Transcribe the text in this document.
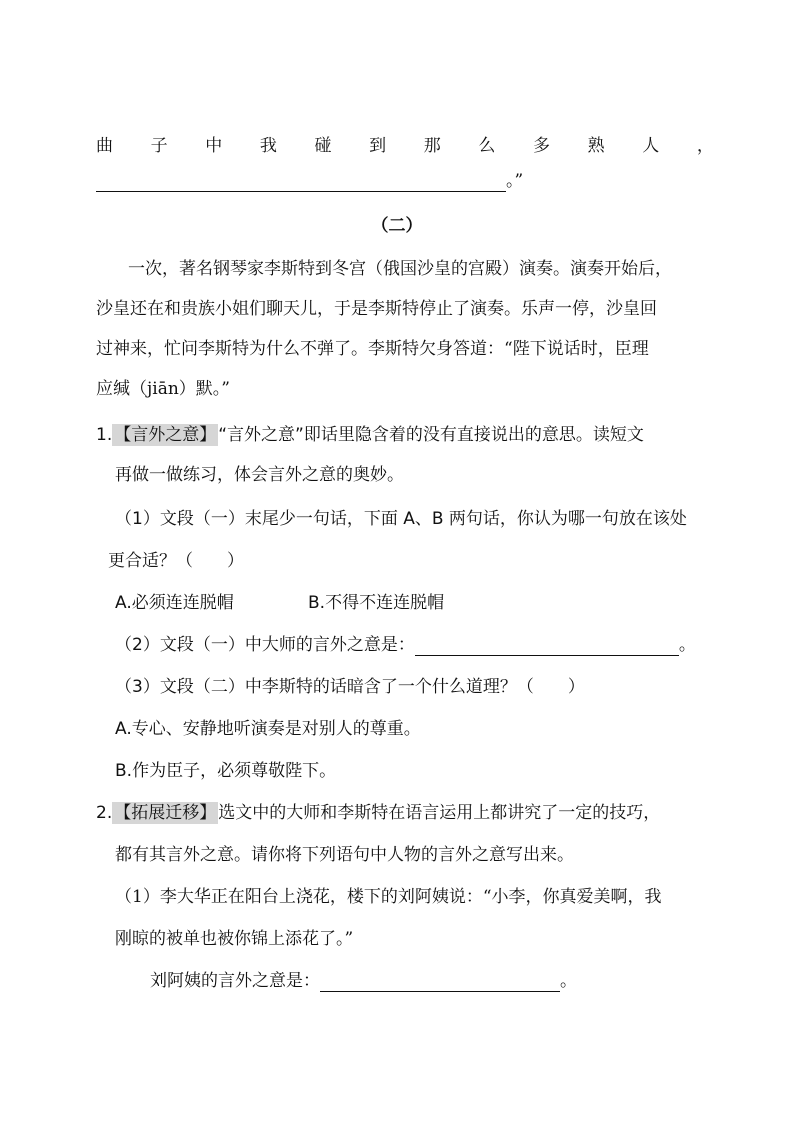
曲 子 中 我 碰 到 那 么 多 熟 人 ，
。”
（二）
一次，著名钢琴家李斯特到冬宫（俄国沙皇的宫殿）演奏。演奏开始后，
沙皇还在和贵族小姐们聊天儿，于是李斯特停止了演奏。乐声一停，沙皇回
过神来，忙问李斯特为什么不弹了。李斯特欠身答道：“陛下说话时，臣理
应缄（jiān）默。”
1. 【言外之意】 “言外之意”即话里隐含着的没有直接说出的意思。读短文
再做一做练习，体会言外之意的奥妙。
（1）文段（一）末尾少一句话，下面 A、B 两句话，你认为哪一句放在该处
更合适？（　　）
A.必须连连脱帽	B.不得不连连脱帽
（2）文段（一）中大师的言外之意是：	。
（3）文段（二）中李斯特的话暗含了一个什么道理？（　　）
A.专心、安静地听演奏是对别人的尊重。
B.作为臣子，必须尊敬陛下。
2. 【拓展迁移】 选文中的大师和李斯特在语言运用上都讲究了一定的技巧，
都有其言外之意。请你将下列语句中人物的言外之意写出来。
（1）李大华正在阳台上浇花，楼下的刘阿姨说：“小李，你真爱美啊，我
刚晾的被单也被你锦上添花了。”
刘阿姨的言外之意是：	。
